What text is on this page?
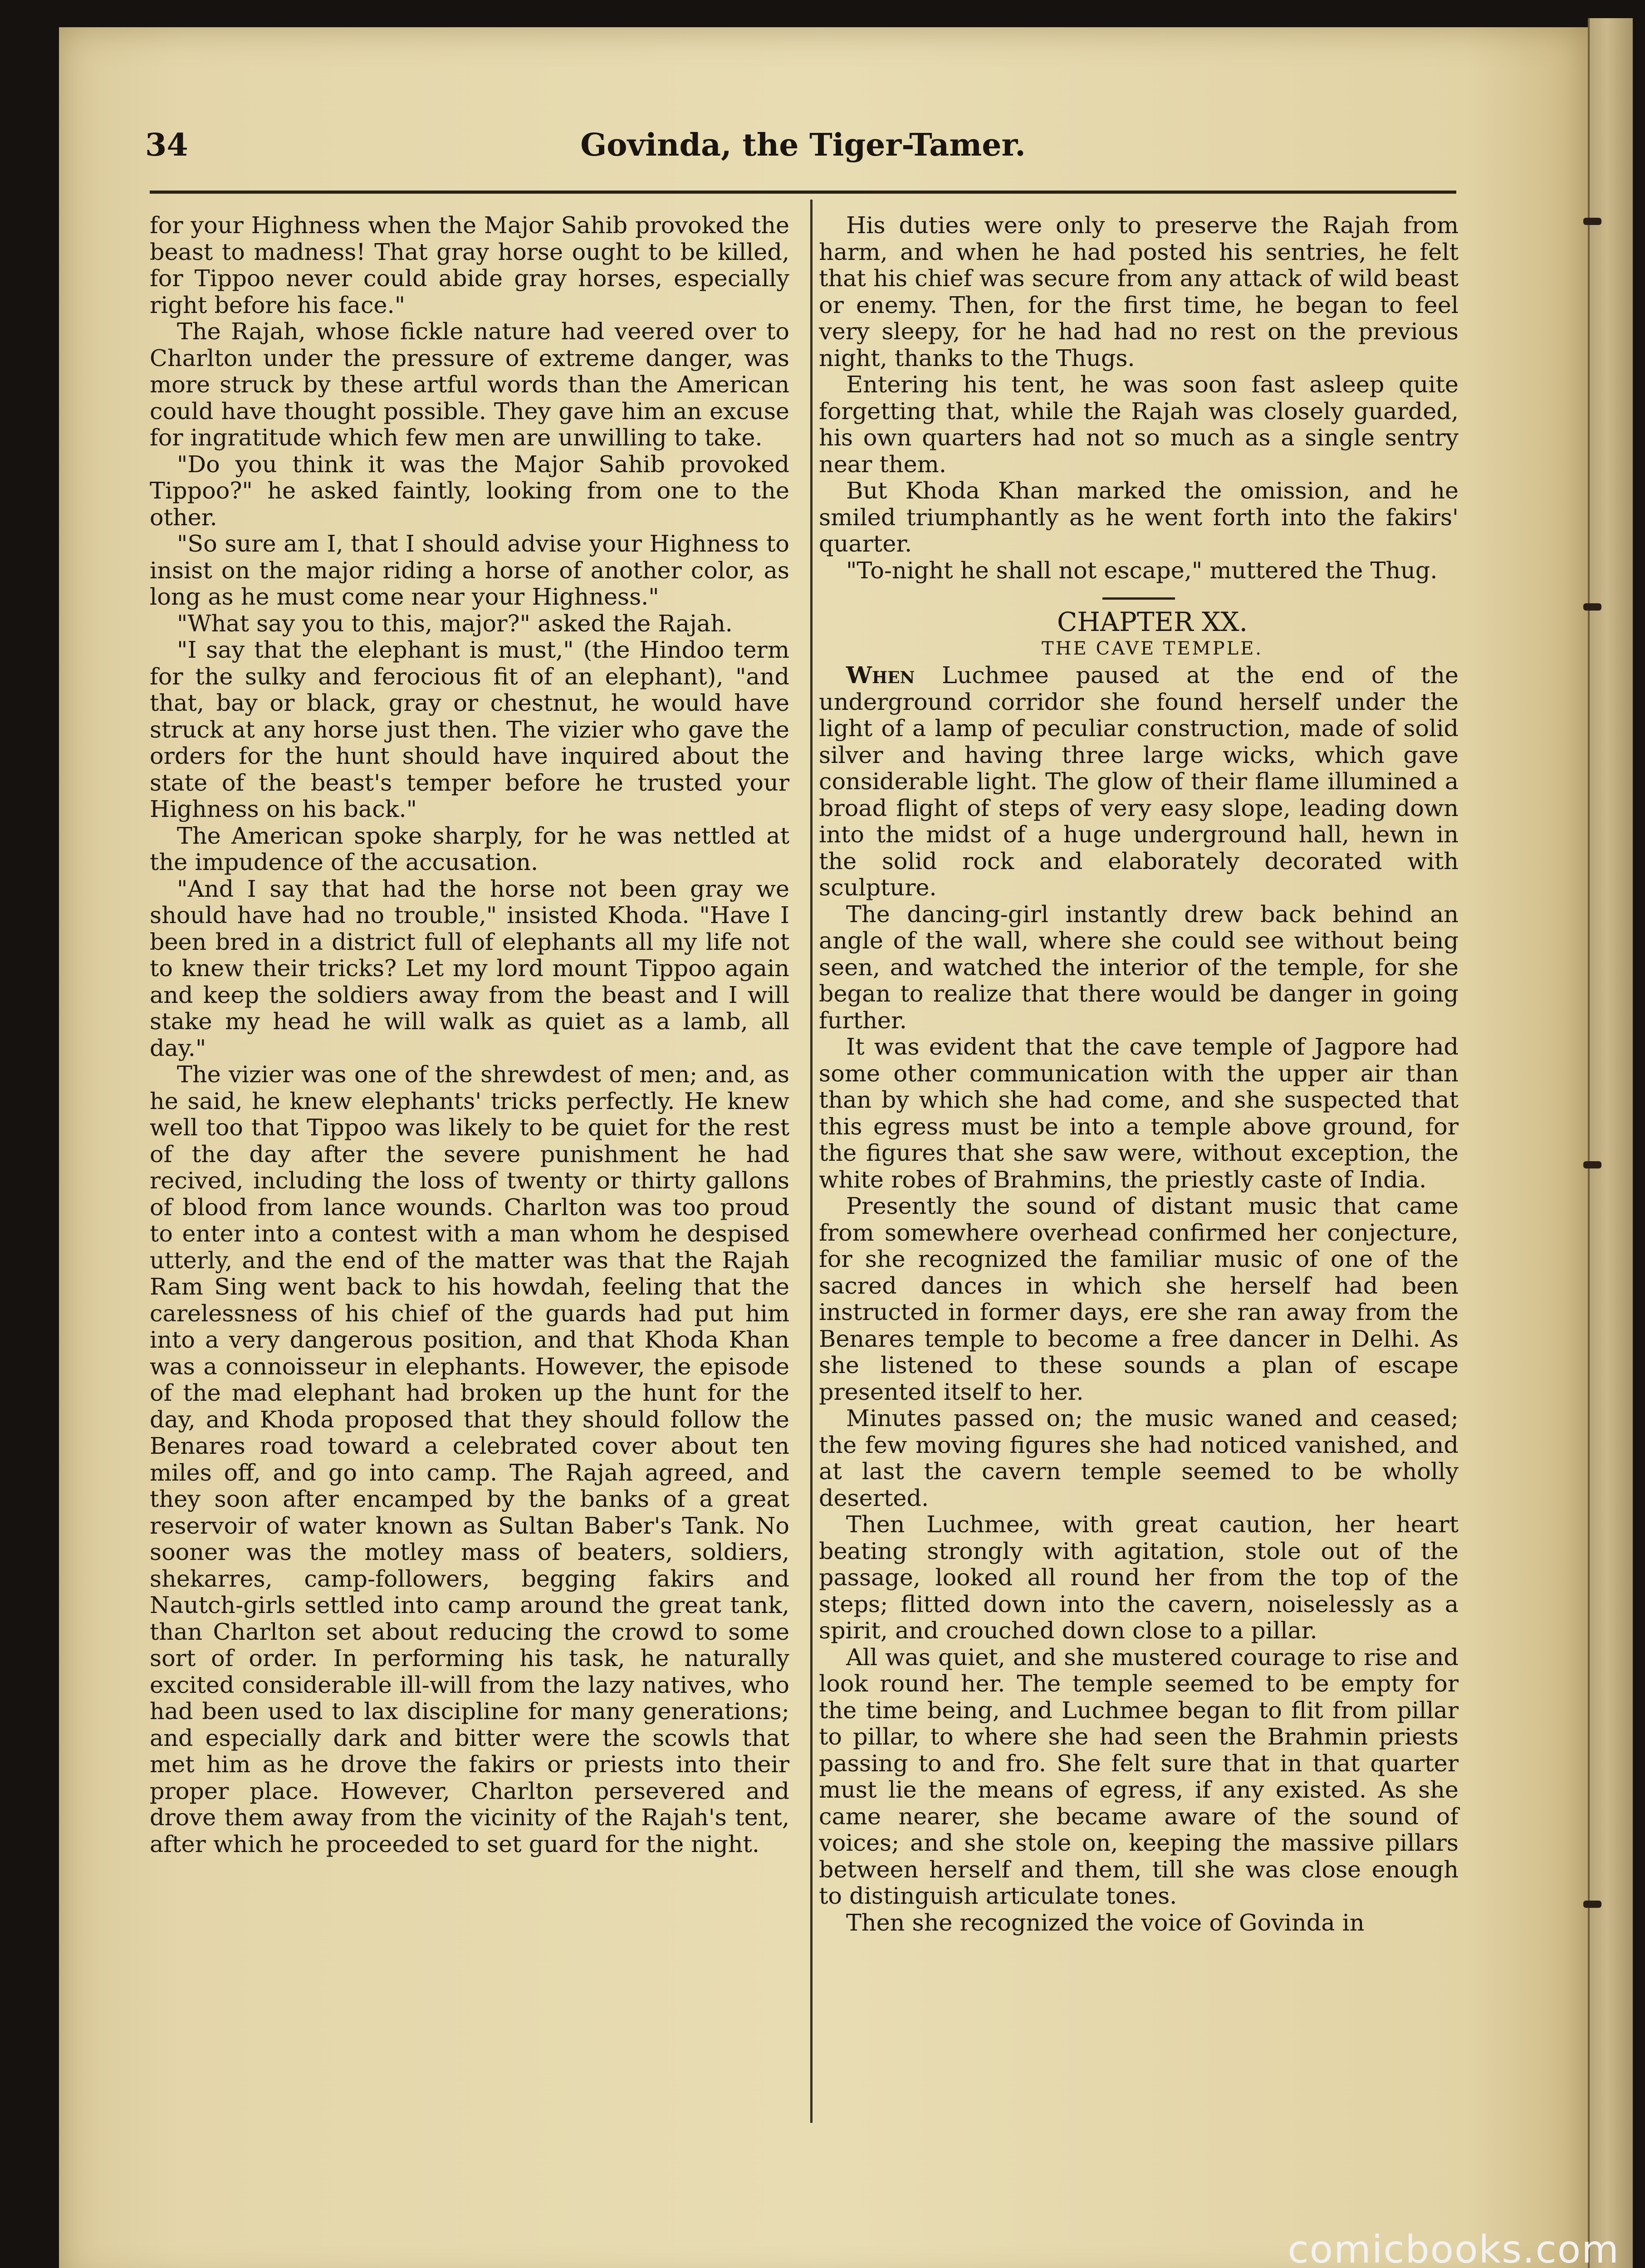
34	Govinda, the Tiger-Tamer.

for your Highness when the Major Sahib provoked the beast to madness! That gray horse ought to be killed, for Tippoo never could abide gray horses, especially right before his face."

The Rajah, whose fickle nature had veered over to Charlton under the pressure of extreme danger, was more struck by these artful words than the American could have thought possible. They gave him an excuse for ingratitude which few men are unwilling to take.

"Do you think it was the Major Sahib provoked Tippoo?" he asked faintly, looking from one to the other.

"So sure am I, that I should advise your Highness to insist on the major riding a horse of another color, as long as he must come near your Highness."

"What say you to this, major?" asked the Rajah.

"I say that the elephant is must," (the Hindoo term for the sulky and ferocious fit of an elephant), "and that, bay or black, gray or chestnut, he would have struck at any horse just then. The vizier who gave the orders for the hunt should have inquired about the state of the beast's temper before he trusted your Highness on his back."

The American spoke sharply, for he was nettled at the impudence of the accusation.

"And I say that had the horse not been gray we should have had no trouble," insisted Khoda. "Have I been bred in a district full of elephants all my life not to knew their tricks? Let my lord mount Tippoo again and keep the soldiers away from the beast and I will stake my head he will walk as quiet as a lamb, all day."

The vizier was one of the shrewdest of men; and, as he said, he knew elephants' tricks perfectly. He knew well too that Tippoo was likely to be quiet for the rest of the day after the severe punishment he had recived, including the loss of twenty or thirty gallons of blood from lance wounds. Charlton was too proud to enter into a contest with a man whom he despised utterly, and the end of the matter was that the Rajah Ram Sing went back to his howdah, feeling that the carelessness of his chief of the guards had put him into a very dangerous position, and that Khoda Khan was a connoisseur in elephants. However, the episode of the mad elephant had broken up the hunt for the day, and Khoda proposed that they should follow the Benares road toward a celebrated cover about ten miles off, and go into camp. The Rajah agreed, and they soon after encamped by the banks of a great reservoir of water known as Sultan Baber's Tank. No sooner was the motley mass of beaters, soldiers, shekarres, camp-followers, begging fakirs and Nautch-girls settled into camp around the great tank, than Charlton set about reducing the crowd to some sort of order. In performing his task, he naturally excited considerable ill-will from the lazy natives, who had been used to lax discipline for many generations; and especially dark and bitter were the scowls that met him as he drove the fakirs or priests into their proper place. However, Charlton persevered and drove them away from the vicinity of the Rajah's tent, after which he proceeded to set guard for the night.

His duties were only to preserve the Rajah from harm, and when he had posted his sentries, he felt that his chief was secure from any attack of wild beast or enemy. Then, for the first time, he began to feel very sleepy, for he had had no rest on the previous night, thanks to the Thugs.

Entering his tent, he was soon fast asleep quite forgetting that, while the Rajah was closely guarded, his own quarters had not so much as a single sentry near them.

But Khoda Khan marked the omission, and he smiled triumphantly as he went forth into the fakirs' quarter.

"To-night he shall not escape," muttered the Thug.

CHAPTER XX.

THE CAVE TEMPLE.

When Luchmee paused at the end of the underground corridor she found herself under the light of a lamp of peculiar construction, made of solid silver and having three large wicks, which gave considerable light. The glow of their flame illumined a broad flight of steps of very easy slope, leading down into the midst of a huge underground hall, hewn in the solid rock and elaborately decorated with sculpture.

The dancing-girl instantly drew back behind an angle of the wall, where she could see without being seen, and watched the interior of the temple, for she began to realize that there would be danger in going further.

It was evident that the cave temple of Jagpore had some other communication with the upper air than than by which she had come, and she suspected that this egress must be into a temple above ground, for the figures that she saw were, without exception, the white robes of Brahmins, the priestly caste of India.

Presently the sound of distant music that came from somewhere overhead confirmed her conjecture, for she recognized the familiar music of one of the sacred dances in which she herself had been instructed in former days, ere she ran away from the Benares temple to become a free dancer in Delhi. As she listened to these sounds a plan of escape presented itself to her.

Minutes passed on; the music waned and ceased; the few moving figures she had noticed vanished, and at last the cavern temple seemed to be wholly deserted.

Then Luchmee, with great caution, her heart beating strongly with agitation, stole out of the passage, looked all round her from the top of the steps; flitted down into the cavern, noiselessly as a spirit, and crouched down close to a pillar.

All was quiet, and she mustered courage to rise and look round her. The temple seemed to be empty for the time being, and Luchmee began to flit from pillar to pillar, to where she had seen the Brahmin priests passing to and fro. She felt sure that in that quarter must lie the means of egress, if any existed. As she came nearer, she became aware of the sound of voices; and she stole on, keeping the massive pillars between herself and them, till she was close enough to distinguish articulate tones.

Then she recognized the voice of Govinda in

comicbooks.com
